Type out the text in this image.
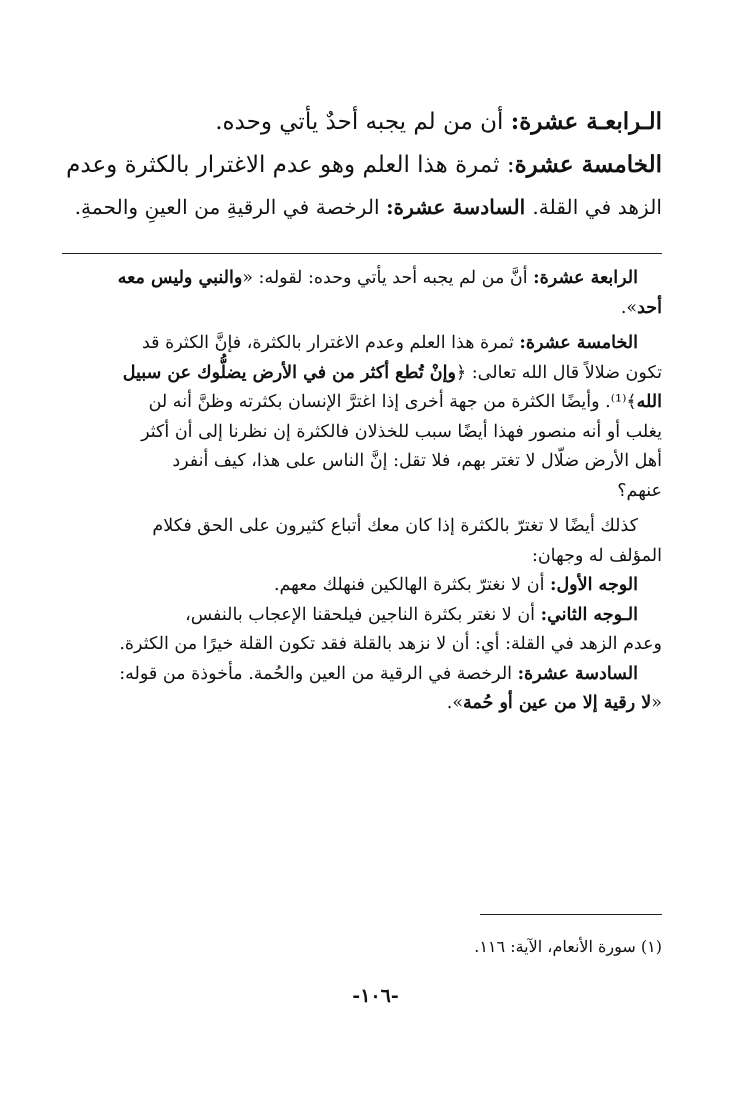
الـرابعـة عشرة: أن من لم يجبه أحدٌ يأتي وحده.
الخامسة عشرة: ثمرة هذا العلم وهو عدم الاغترار بالكثرة وعدم
الزهد في القلة. السادسة عشرة: الرخصة في الرقيةِ من العينِ والحمةِ.
الرابعة عشرة: أنَّ من لم يجبه أحد يأتي وحده: لقوله: «والنبي وليس معه
أحد».
الخامسة عشرة: ثمرة هذا العلم وعدم الاغترار بالكثرة، فإنَّ الكثرة قد
تكون ضلالاً قال الله تعالى: ﴿وإنْ تُطع أكثر من في الأرض يضلُّوك عن سبيل
الله﴾⁽¹⁾. وأيضًا الكثرة من جهة أخرى إذا اغترَّ الإنسان بكثرته وظنَّ أنه لن
يغلب أو أنه منصور فهذا أيضًا سبب للخذلان فالكثرة إن نظرنا إلى أن أكثر
أهل الأرض ضلّال لا تغتر بهم، فلا تقل: إنَّ الناس على هذا، كيف أنفرد
عنهم؟
كذلك أيضًا لا تغترّ بالكثرة إذا كان معك أتباع كثيرون على الحق فكلام
المؤلف له وجهان:
الوجه الأول: أن لا نغترّ بكثرة الهالكين فنهلك معهم.
الـوجه الثاني: أن لا نغتر بكثرة الناجين فيلحقنا الإعجاب بالنفس،
وعدم الزهد في القلة: أي: أن لا نزهد بالقلة فقد تكون القلة خيرًا من الكثرة.
السادسة عشرة: الرخصة في الرقية من العين والحُمة. مأخوذة من قوله:
«لا رقية إلا من عين أو حُمة».
(١) سورة الأنعام، الآية: ١١٦.
-١٠٦-
